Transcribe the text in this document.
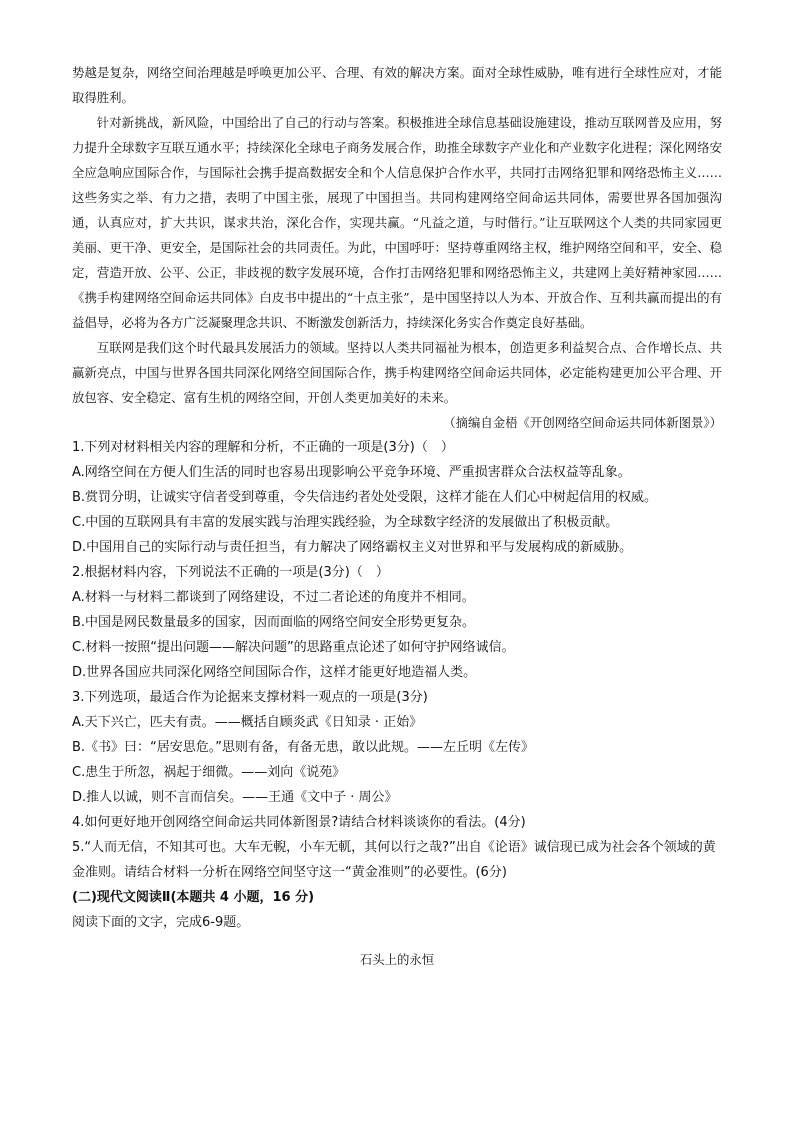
势越是复杂，网络空间治理越是呼唤更加公平、合理、有效的解决方案。面对全球性威胁，唯有进行全球性应对，才能取得胜利。

针对新挑战，新风险，中国给出了自己的行动与答案。积极推进全球信息基础设施建设，推动互联网普及应用，努力提升全球数字互联互通水平；持续深化全球电子商务发展合作，助推全球数字产业化和产业数字化进程；深化网络安全应急响应国际合作，与国际社会携手提高数据安全和个人信息保护合作水平，共同打击网络犯罪和网络恐怖主义……这些务实之举、有力之措，表明了中国主张，展现了中国担当。共同构建网络空间命运共同体，需要世界各国加强沟通，认真应对，扩大共识，谋求共治，深化合作，实现共赢。“凡益之道，与时偕行。”让互联网这个人类的共同家园更美丽、更干净、更安全，是国际社会的共同责任。为此，中国呼吁：坚持尊重网络主权，维护网络空间和平，安全、稳定，营造开放、公平、公正，非歧视的数字发展环境，合作打击网络犯罪和网络恐怖主义，共建网上美好精神家园……《携手构建网络空间命运共同体》白皮书中提出的“十点主张”，是中国坚持以人为本、开放合作、互利共赢而提出的有益倡导，必将为各方广泛凝聚理念共识、不断激发创新活力，持续深化务实合作奠定良好基础。

互联网是我们这个时代最具发展活力的领域。坚持以人类共同福祉为根本，创造更多利益契合点、合作增长点、共赢新亮点，中国与世界各国共同深化网络空间国际合作，携手构建网络空间命运共同体，必定能构建更加公平合理、开放包容、安全稳定、富有生机的网络空间，开创人类更加美好的未来。

（摘编自金梧《开创网络空间命运共同体新图景》）

1.下列对材料相关内容的理解和分析，不正确的一项是(3分)（　）

A.网络空间在方便人们生活的同时也容易出现影响公平竞争环境、严重损害群众合法权益等乱象。

B.赏罚分明，让诚实守信者受到尊重，令失信违约者处处受限，这样才能在人们心中树起信用的权威。

C.中国的互联网具有丰富的发展实践与治理实践经验，为全球数字经济的发展做出了积极贡献。

D.中国用自己的实际行动与责任担当，有力解决了网络霸权主义对世界和平与发展构成的新威胁。

2.根据材料内容，下列说法不正确的一项是(3分)（　）

A.材料一与材料二都谈到了网络建设，不过二者论述的角度并不相同。

B.中国是网民数量最多的国家，因而面临的网络空间安全形势更复杂。

C.材料一按照“提出问题——解决问题”的思路重点论述了如何守护网络诚信。

D.世界各国应共同深化网络空间国际合作，这样才能更好地造福人类。

3.下列选项，最适合作为论据来支撑材料一观点的一项是(3分)

A.天下兴亡，匹夫有责。——概括自顾炎武《日知录 · 正始》

B.《书》曰：“居安思危。”思则有备，有备无患，敢以此规。——左丘明《左传》

C.患生于所忽，祸起于细微。——刘向《说苑》

D.推人以诚，则不言而信矣。——王通《文中子 · 周公》

4.如何更好地开创网络空间命运共同体新图景?请结合材料谈谈你的看法。(4分)

5.“人而无信，不知其可也。大车无輗，小车无軏，其何以行之哉?”出自《论语》诚信现已成为社会各个领域的黄金准则。请结合材料一分析在网络空间坚守这一“黄金准则”的必要性。(6分)

(二)现代文阅读Ⅱ(本题共 4 小题，16 分)

阅读下面的文字，完成6-9题。

石头上的永恒
